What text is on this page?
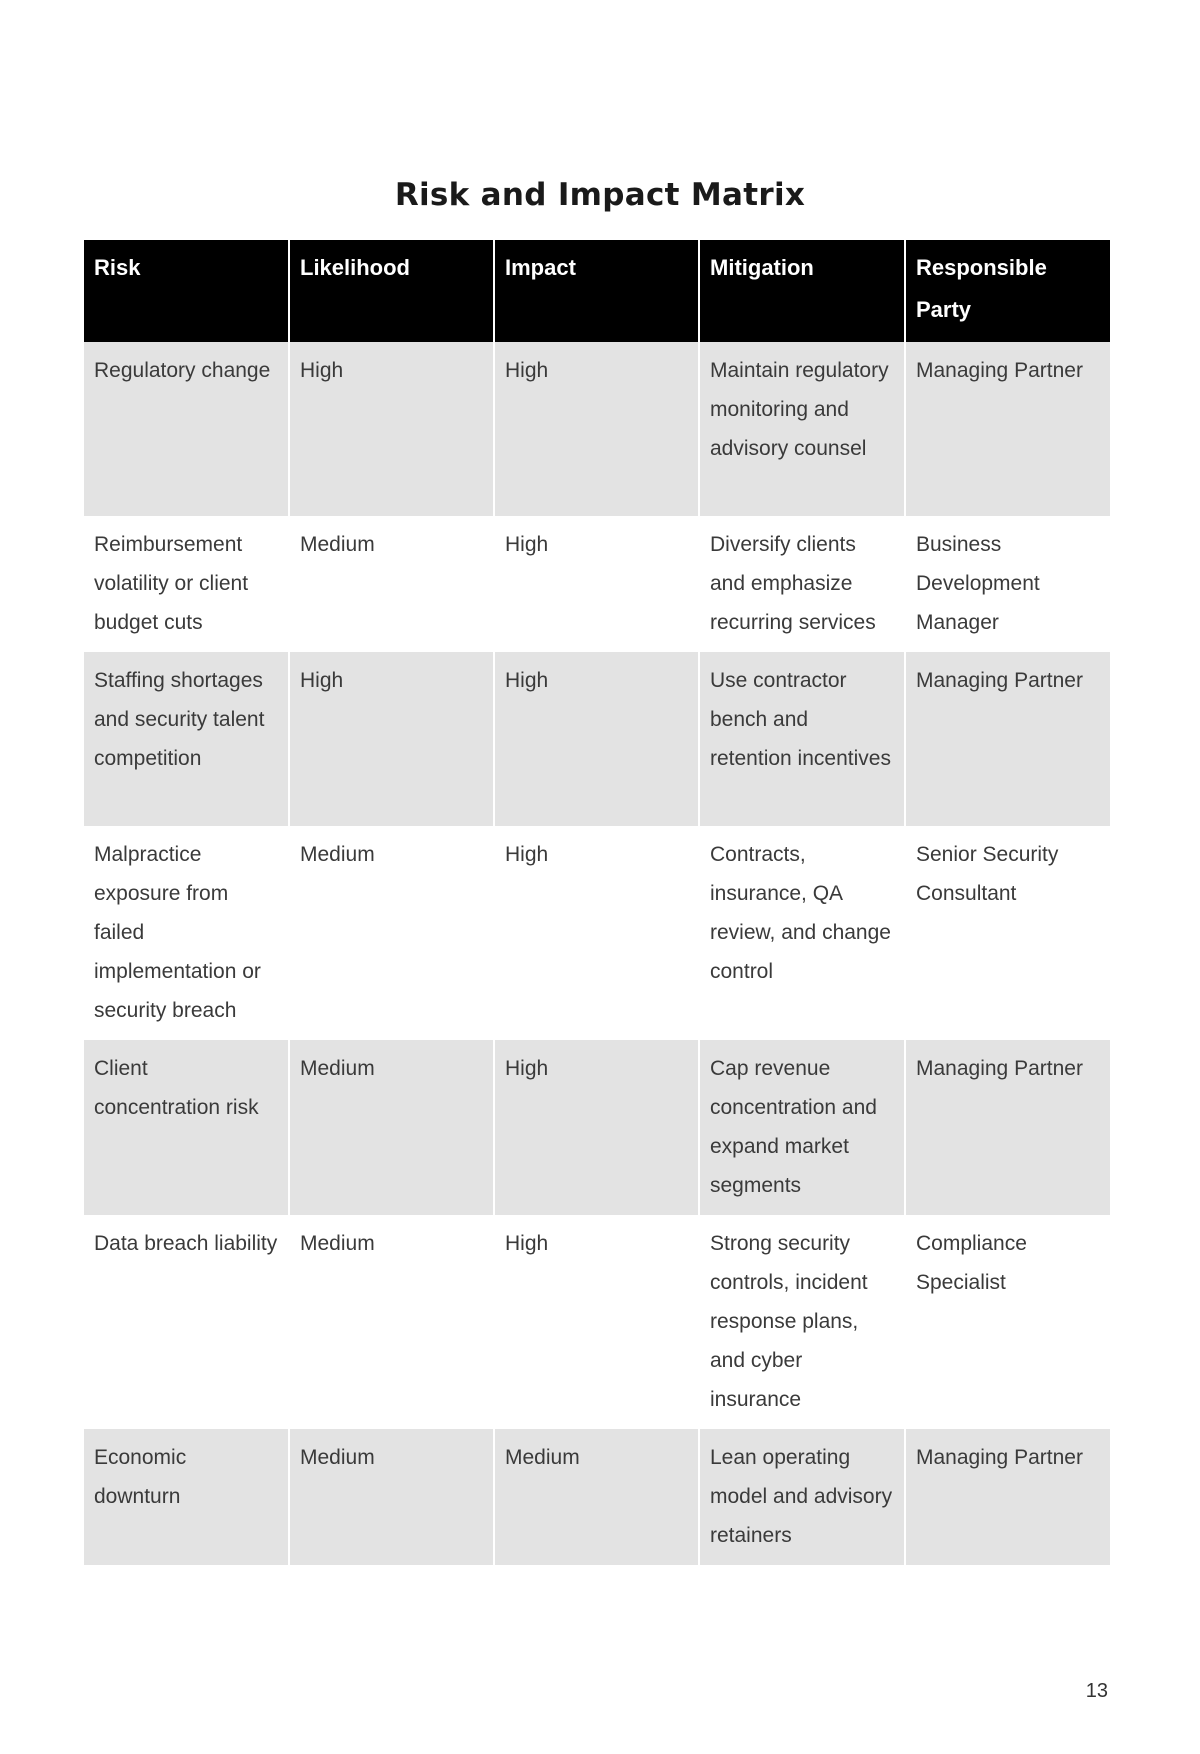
Risk and Impact Matrix
Risk	Likelihood	Impact	Mitigation	Responsible Party
Regulatory change	High	High	Maintain regulatory monitoring and advisory counsel	Managing Partner
Reimbursement volatility or client budget cuts	Medium	High	Diversify clients and emphasize recurring services	Business Development Manager
Staffing shortages and security talent competition	High	High	Use contractor bench and retention incentives	Managing Partner
Malpractice exposure from failed implementation or security breach	Medium	High	Contracts, insurance, QA review, and change control	Senior Security Consultant
Client concentration risk	Medium	High	Cap revenue concentration and expand market segments	Managing Partner
Data breach liability	Medium	High	Strong security controls, incident response plans, and cyber insurance	Compliance Specialist
Economic downturn	Medium	Medium	Lean operating model and advisory retainers	Managing Partner
13
